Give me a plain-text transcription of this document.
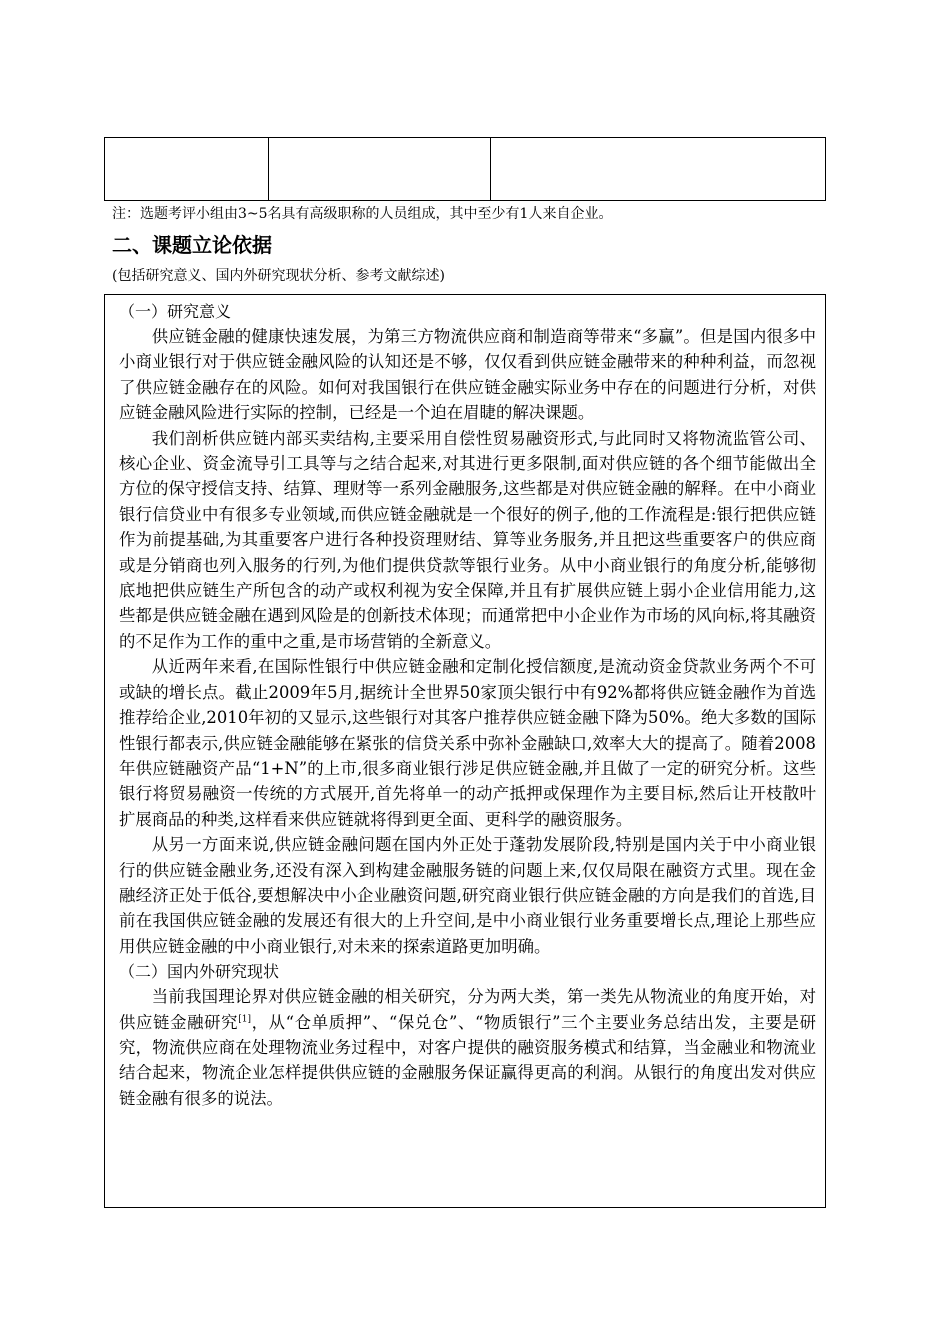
注：选题考评小组由3~5名具有高级职称的人员组成，其中至少有1人来自企业。
二、课题立论依据
(包括研究意义、国内外研究现状分析、参考文献综述)

（一）研究意义

供应链金融的健康快速发展，为第三方物流供应商和制造商等带来“多赢”。但是国内很多中小商业银行对于供应链金融风险的认知还是不够，仅仅看到供应链金融带来的种种利益，而忽视了供应链金融存在的风险。如何对我国银行在供应链金融实际业务中存在的问题进行分析，对供应链金融风险进行实际的控制，已经是一个迫在眉睫的解决课题。

我们剖析供应链内部买卖结构,主要采用自偿性贸易融资形式,与此同时又将物流监管公司、核心企业、资金流导引工具等与之结合起来,对其进行更多限制,面对供应链的各个细节能做出全方位的保守授信支持、结算、理财等一系列金融服务,这些都是对供应链金融的解释。在中小商业银行信贷业中有很多专业领域,而供应链金融就是一个很好的例子,他的工作流程是:银行把供应链作为前提基础,为其重要客户进行各种投资理财结、算等业务服务,并且把这些重要客户的供应商或是分销商也列入服务的行列,为他们提供贷款等银行业务。从中小商业银行的角度分析,能够彻底地把供应链生产所包含的动产或权利视为安全保障,并且有扩展供应链上弱小企业信用能力,这些都是供应链金融在遇到风险是的创新技术体现；而通常把中小企业作为市场的风向标,将其融资的不足作为工作的重中之重,是市场营销的全新意义。

从近两年来看,在国际性银行中供应链金融和定制化授信额度,是流动资金贷款业务两个不可或缺的增长点。截止2009年5月,据统计全世界50家顶尖银行中有92%都将供应链金融作为首选推荐给企业,2010年初的又显示,这些银行对其客户推荐供应链金融下降为50%。绝大多数的国际性银行都表示,供应链金融能够在紧张的信贷关系中弥补金融缺口,效率大大的提高了。随着2008年供应链融资产品“1+N”的上市,很多商业银行涉足供应链金融,并且做了一定的研究分析。这些银行将贸易融资一传统的方式展开,首先将单一的动产抵押或保理作为主要目标,然后让开枝散叶扩展商品的种类,这样看来供应链就将得到更全面、更科学的融资服务。

从另一方面来说,供应链金融问题在国内外正处于蓬勃发展阶段,特别是国内关于中小商业银行的供应链金融业务,还没有深入到构建金融服务链的问题上来,仅仅局限在融资方式里。现在金融经济正处于低谷,要想解决中小企业融资问题,研究商业银行供应链金融的方向是我们的首选,目前在我国供应链金融的发展还有很大的上升空间,是中小商业银行业务重要增长点,理论上那些应用供应链金融的中小商业银行,对未来的探索道路更加明确。

（二）国内外研究现状

当前我国理论界对供应链金融的相关研究，分为两大类，第一类先从物流业的角度开始，对供应链金融研究[1]，从“仓单质押”、“保兑仓”、“物质银行”三个主要业务总结出发，主要是研究，物流供应商在处理物流业务过程中，对客户提供的融资服务模式和结算，当金融业和物流业结合起来，物流企业怎样提供供应链的金融服务保证赢得更高的利润。从银行的角度出发对供应链金融有很多的说法。
